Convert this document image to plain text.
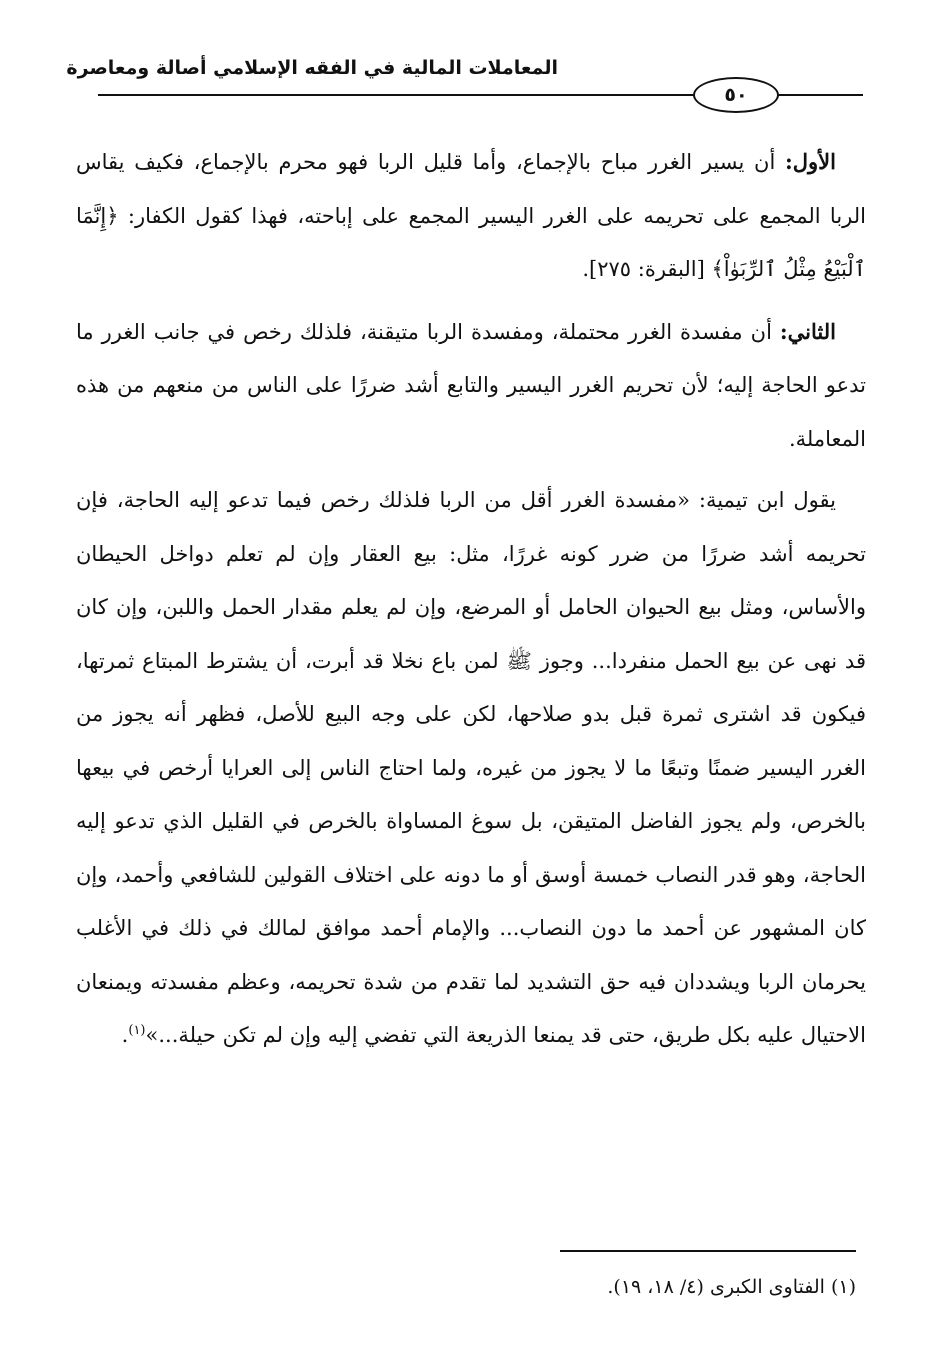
المعاملات المالية في الفقه الإسلامي أصالة ومعاصرة
٥٠

الأول: أن يسير الغرر مباح بالإجماع، وأما قليل الربا فهو محرم بالإجماع، فكيف يقاس الربا المجمع على تحريمه على الغرر اليسير المجمع على إباحته، فهذا كقول الكفار: ﴿إِنَّمَا ٱلْبَيْعُ مِثْلُ ٱلرِّبَوٰاْ﴾ [البقرة: ٢٧٥].

الثاني: أن مفسدة الغرر محتملة، ومفسدة الربا متيقنة، فلذلك رخص في جانب الغرر ما تدعو الحاجة إليه؛ لأن تحريم الغرر اليسير والتابع أشد ضررًا على الناس من منعهم من هذه المعاملة.

يقول ابن تيمية: «مفسدة الغرر أقل من الربا فلذلك رخص فيما تدعو إليه الحاجة، فإن تحريمه أشد ضررًا من ضرر كونه غررًا، مثل: بيع العقار وإن لم تعلم دواخل الحيطان والأساس، ومثل بيع الحيوان الحامل أو المرضع، وإن لم يعلم مقدار الحمل واللبن، وإن كان قد نهى عن بيع الحمل منفردا... وجوز ﷺ لمن باع نخلا قد أبرت، أن يشترط المبتاع ثمرتها، فيكون قد اشترى ثمرة قبل بدو صلاحها، لكن على وجه البيع للأصل، فظهر أنه يجوز من الغرر اليسير ضمنًا وتبعًا ما لا يجوز من غيره، ولما احتاج الناس إلى العرايا أرخص في بيعها بالخرص، ولم يجوز الفاضل المتيقن، بل سوغ المساواة بالخرص في القليل الذي تدعو إليه الحاجة، وهو قدر النصاب خمسة أوسق أو ما دونه على اختلاف القولين للشافعي وأحمد، وإن كان المشهور عن أحمد ما دون النصاب... والإمام أحمد موافق لمالك في ذلك في الأغلب يحرمان الربا ويشددان فيه حق التشديد لما تقدم من شدة تحريمه، وعظم مفسدته ويمنعان الاحتيال عليه بكل طريق، حتى قد يمنعا الذريعة التي تفضي إليه وإن لم تكن حيلة...»$^{(١)}$.

(١) الفتاوى الكبرى (٤/ ١٨، ١٩).
